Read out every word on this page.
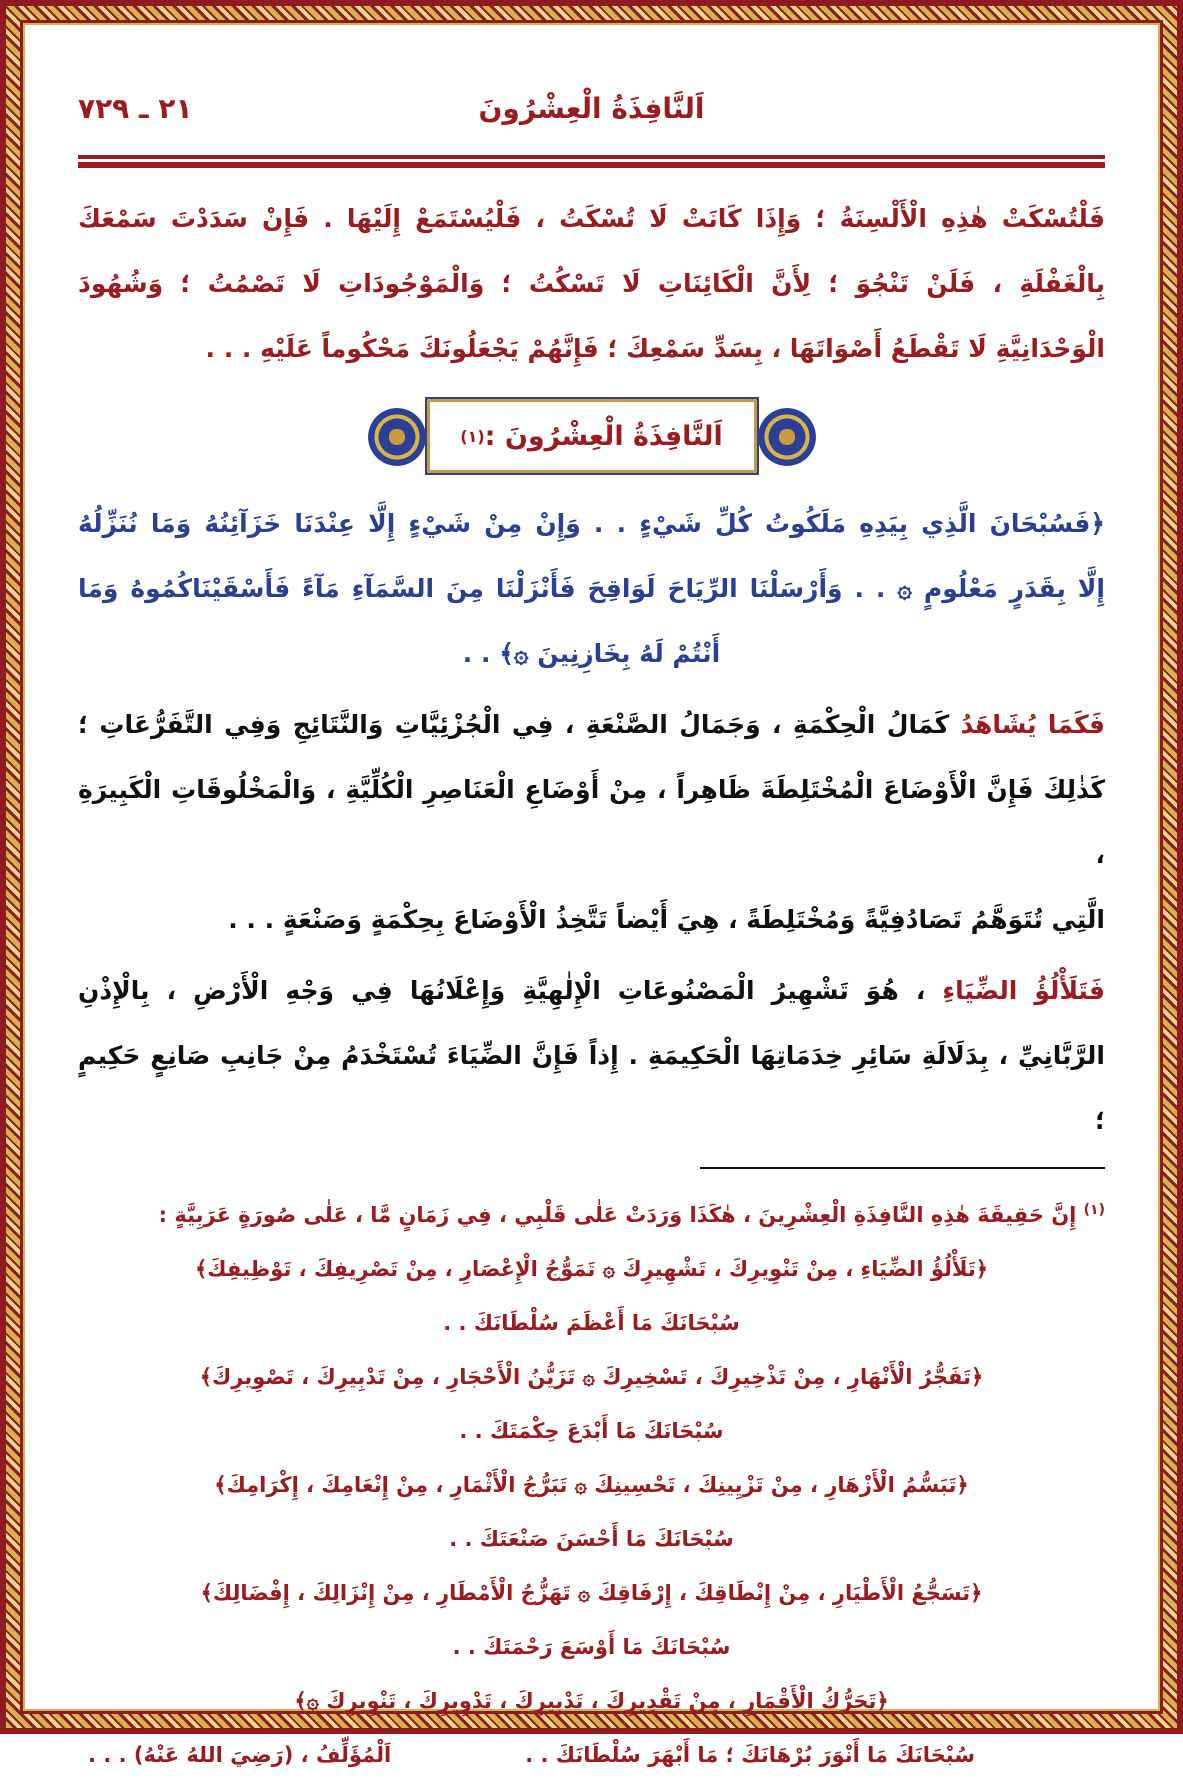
اَلنَّافِذَةُ الْعِشْرُونَ
٢١ ـ ٧٢٩
فَلْتُسْكَتْ هٰذِهِ الْأَلْسِنَةُ ؛ وَإِذَا كَانَتْ لَا تُسْكَتُ ، فَلْيُسْتَمَعْ إِلَيْهَا . فَإِنْ سَدَدْتَ سَمْعَكَ
بِالْغَفْلَةِ ، فَلَنْ تَنْجُوَ ؛ لِأَنَّ الْكَائِنَاتِ لَا تَسْكُتُ ؛ وَالْمَوْجُودَاتِ لَا تَصْمُتُ ؛ وَشُهُودَ
الْوَحْدَانِيَّةِ لَا تَقْطَعُ أَصْوَاتَهَا ، بِسَدِّ سَمْعِكَ ؛ فَإِنَّهُمْ يَجْعَلُونَكَ مَحْكُوماً عَلَيْهِ . . .
اَلنَّافِذَةُ الْعِشْرُونَ :
(١)
﴿فَسُبْحَانَ الَّذِي بِيَدِهِ مَلَكُوتُ كُلِّ شَيْءٍ . . وَإِنْ مِنْ شَيْءٍ إِلَّا عِنْدَنَا خَزَآئِنُهُ وَمَا نُنَزِّلُهُ
إِلَّا بِقَدَرٍ مَعْلُومٍ ۞ . . وَأَرْسَلْنَا الرِّيَاحَ لَوَاقِحَ فَأَنْزَلْنَا مِنَ السَّمَآءِ مَآءً فَأَسْقَيْنَاكُمُوهُ وَمَا
أَنْتُمْ لَهُ بِخَازِنِينَ ۞﴾ . .
فَكَمَا يُشَاهَدُ كَمَالُ الْحِكْمَةِ ، وَجَمَالُ الصَّنْعَةِ ، فِي الْجُزْئِيَّاتِ وَالنَّتَائِجِ وَفِي التَّفَرُّعَاتِ ؛
كَذٰلِكَ فَإِنَّ الْأَوْضَاعَ الْمُخْتَلِطَةَ ظَاهِراً ، مِنْ أَوْضَاعِ الْعَنَاصِرِ الْكُلِّيَّةِ ، وَالْمَخْلُوقَاتِ الْكَبِيرَةِ ،
الَّتِي تُتَوَهَّمُ تَصَادُفِيَّةً وَمُخْتَلِطَةً ، هِيَ أَيْضاً تَتَّخِذُ الْأَوْضَاعَ بِحِكْمَةٍ وَصَنْعَةٍ . . .
فَتَلَأْلُؤُ الضِّيَاءِ ، هُوَ تَشْهِيرُ الْمَصْنُوعَاتِ الْإِلٰهِيَّةِ وَإِعْلَانُهَا فِي وَجْهِ الْأَرْضِ ، بِالْإِذْنِ
الرَّبَّانِيِّ ، بِدَلَالَةِ سَائِرِ خِدَمَاتِهَا الْحَكِيمَةِ . إِذاً فَإِنَّ الضِّيَاءَ تُسْتَخْدَمُ مِنْ جَانِبِ صَانِعٍ حَكِيمٍ ؛
$^{(١)}$ إِنَّ حَقِيقَةَ هٰذِهِ النَّافِذَةِ الْعِشْرِينَ ، هٰكَذَا وَرَدَتْ عَلٰى قَلْبِي ، فِي زَمَانٍ مَّا ، عَلٰى صُورَةٍ عَرَبِيَّةٍ :
﴿تَلَأْلُؤُ الضِّيَاءِ ، مِنْ تَنْوِيرِكَ ، تَشْهِيرِكَ ۞ تَمَوُّجُ الْإِعْصَارِ ، مِنْ تَصْرِيفِكَ ، تَوْظِيفِكَ﴾
سُبْحَانَكَ مَا أَعْظَمَ سُلْطَانَكَ . .
﴿تَفَجُّرُ الْأَنْهَارِ ، مِنْ تَذْخِيرِكَ ، تَسْخِيرِكَ ۞ تَزَيُّنُ الْأَحْجَارِ ، مِنْ تَدْبِيرِكَ ، تَصْوِيرِكَ﴾
سُبْحَانَكَ مَا أَبْدَعَ حِكْمَتَكَ . .
﴿تَبَسُّمُ الْأَزْهَارِ ، مِنْ تَزْيِينِكَ ، تَحْسِينِكَ ۞ تَبَرُّجُ الْأَثْمَارِ ، مِنْ إِنْعَامِكَ ، إِكْرَامِكَ﴾
سُبْحَانَكَ مَا أَحْسَنَ صَنْعَتَكَ . .
﴿تَسَجُّعُ الْأَطْيَارِ ، مِنْ إِنْطَاقِكَ ، إِرْفَاقِكَ ۞ تَهَزُّجُ الْأَمْطَارِ ، مِنْ إِنْزَالِكَ ، إِفْضَالِكَ﴾
سُبْحَانَكَ مَا أَوْسَعَ رَحْمَتَكَ . .
﴿تَحَرُّكُ الْأَقْمَارِ ، مِنْ تَقْدِيرِكَ ، تَدْبِيرِكَ ، تَدْوِيرِكَ ، تَنْوِيرِكَ ۞﴾
سُبْحَانَكَ مَا أَنْوَرَ بُرْهَانَكَ ؛ مَا أَبْهَرَ سُلْطَانَكَ . .
اَلْمُؤَلِّفُ ، (رَضِيَ اللهُ عَنْهُ) . . .
